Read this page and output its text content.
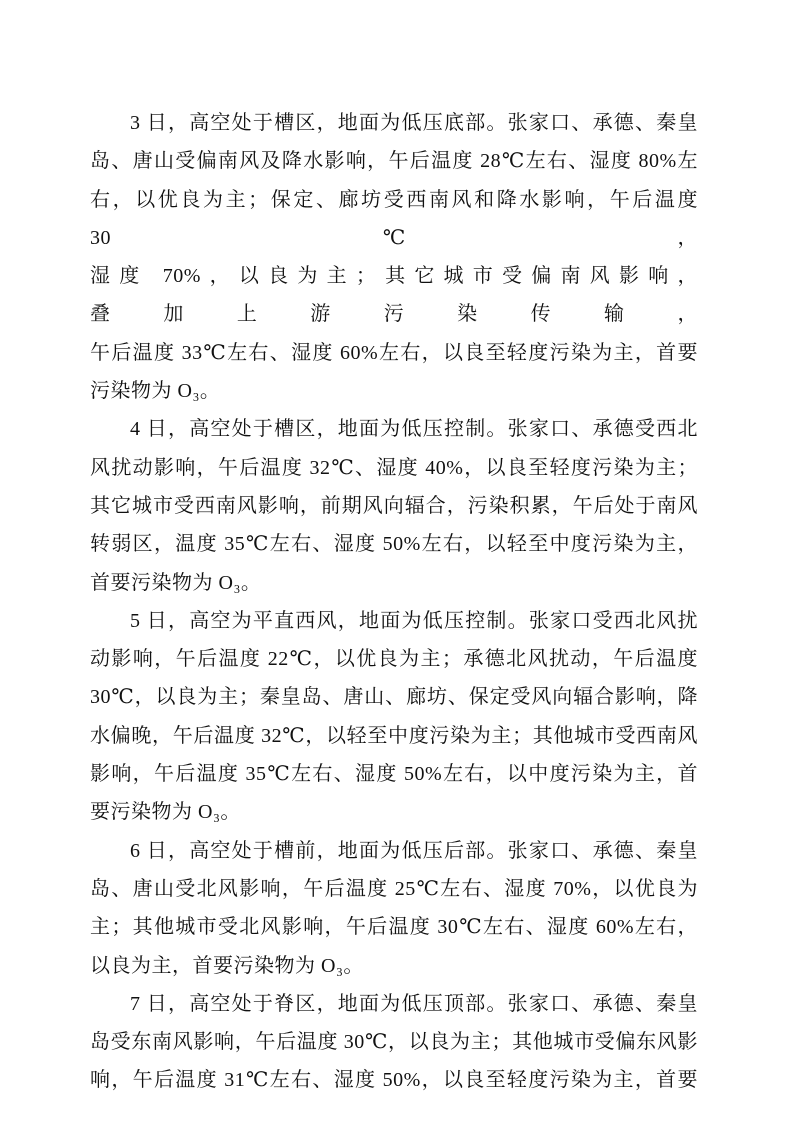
3 日，高空处于槽区，地面为低压底部。张家口、承德、秦皇
岛、唐山受偏南风及降水影响，午后温度 28℃左右、湿度 80%左
右，以优良为主；保定、廊坊受西南风和降水影响，午后温度 30℃，
湿度 70%，以良为主；其它城市受偏南风影响，叠加上游污染传输，
午后温度 33℃左右、湿度 60%左右，以良至轻度污染为主，首要
污染物为 O₃。
4 日，高空处于槽区，地面为低压控制。张家口、承德受西北
风扰动影响，午后温度 32℃、湿度 40%，以良至轻度污染为主；
其它城市受西南风影响，前期风向辐合，污染积累，午后处于南风
转弱区，温度 35℃左右、湿度 50%左右，以轻至中度污染为主，
首要污染物为 O₃。
5 日，高空为平直西风，地面为低压控制。张家口受西北风扰
动影响，午后温度 22℃，以优良为主；承德北风扰动，午后温度
30℃，以良为主；秦皇岛、唐山、廊坊、保定受风向辐合影响，降
水偏晚，午后温度 32℃，以轻至中度污染为主；其他城市受西南风
影响，午后温度 35℃左右、湿度 50%左右，以中度污染为主，首
要污染物为 O₃。
6 日，高空处于槽前，地面为低压后部。张家口、承德、秦皇
岛、唐山受北风影响，午后温度 25℃左右、湿度 70%，以优良为
主；其他城市受北风影响，午后温度 30℃左右、湿度 60%左右，
以良为主，首要污染物为 O₃。
7 日，高空处于脊区，地面为低压顶部。张家口、承德、秦皇
岛受东南风影响，午后温度 30℃，以良为主；其他城市受偏东风影
响，午后温度 31℃左右、湿度 50%，以良至轻度污染为主，首要
